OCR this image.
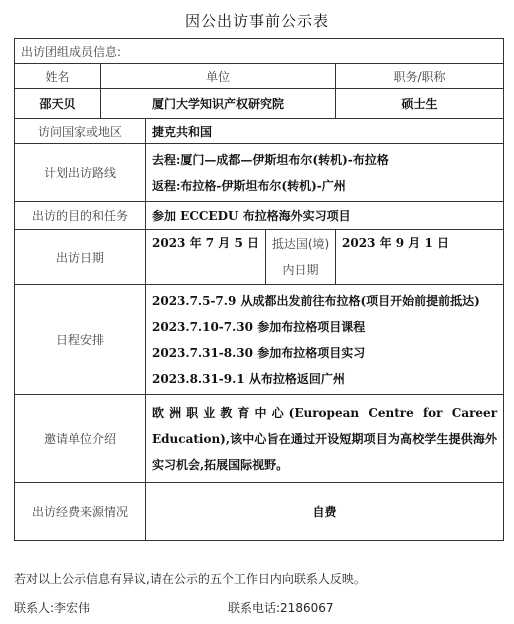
因公出访事前公示表
出访团组成员信息:				
姓名	单位			职务/职称
邵天贝	厦门大学知识产权研究院			硕士生
访问国家或地区		捷克共和国		
计划出访路线		去程:厦门—成都—伊斯坦布尔(转机)-布拉格
返程:布拉格-伊斯坦布尔(转机)-广州		

出访的目的和任务		参加 ECCEDU 布拉格海外实习项目		
出访日期		2023 年 7 月 5 日	抵达国(境)
内日期	2023 年 9 月 1 日
日程安排		2023.7.5-7.9 从成都出发前往布拉格(项目开始前提前抵达)
2023.7.10-7.30 参加布拉格项目课程
2023.7.31-8.30 参加布拉格项目实习
2023.8.31-9.1 从布拉格返回广州		

邀请单位介绍		欧洲职业教育中心(European Centre for Career Education),该中心旨在通过开设短期项目为高校学生提供海外实习机会,拓展国际视野。		
出访经费来源情况		自费		
若对以上公示信息有异议,请在公示的五个工作日内向联系人反映。
联系人:李宏伟	联系电话:2186067
